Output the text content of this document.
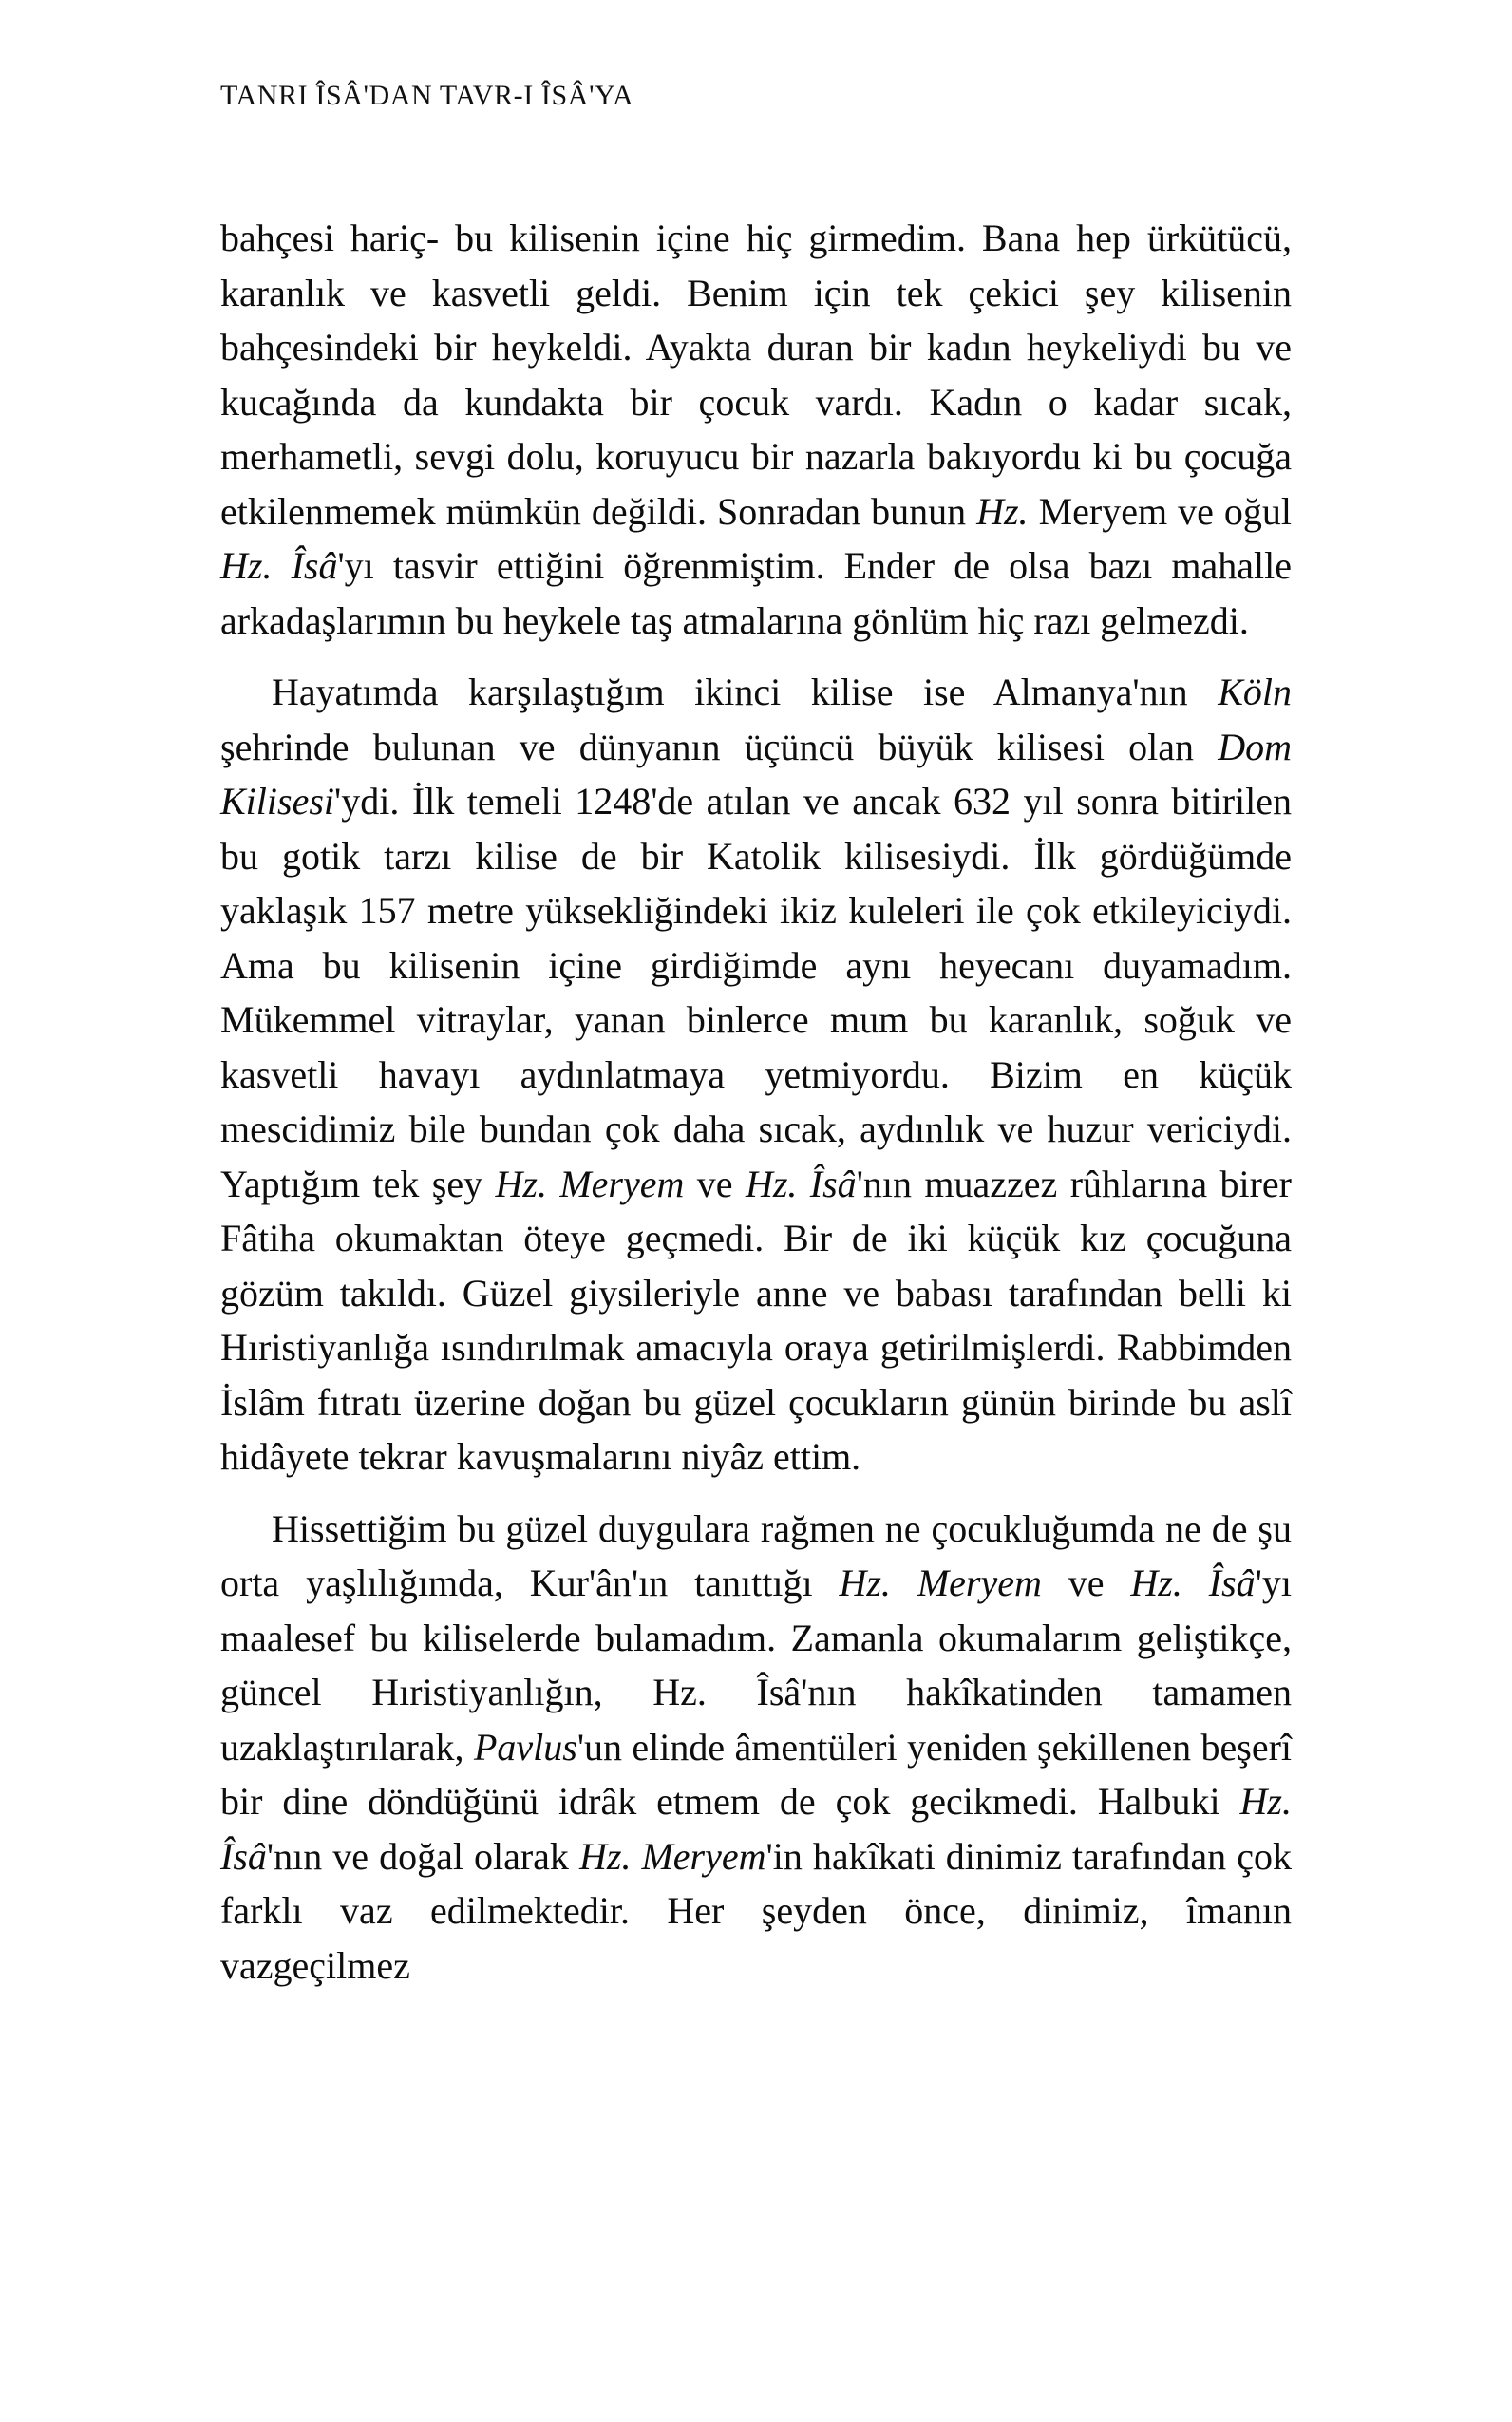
TANRI ÎSÂ'DAN TAVR-I ÎSÂ'YA

bahçesi hariç- bu kilisenin içine hiç girmedim. Bana hep ürkütücü, karanlık ve kasvetli geldi. Benim için tek çekici şey kilisenin bahçesindeki bir heykeldi. Ayakta duran bir kadın heykeliydi bu ve kucağında da kundakta bir çocuk vardı. Kadın o kadar sıcak, merhametli, sevgi dolu, koruyucu bir nazarla bakıyordu ki bu çocuğa etkilenmemek mümkün değildi. Sonradan bunun Hz. Meryem ve oğul Hz. Îsâ'yı tasvir ettiğini öğrenmiştim. Ender de olsa bazı mahalle arkadaşlarımın bu heykele taş atmalarına gönlüm hiç razı gelmezdi.

Hayatımda karşılaştığım ikinci kilise ise Almanya'nın Köln şehrinde bulunan ve dünyanın üçüncü büyük kilisesi olan Dom Kilisesi'ydi. İlk temeli 1248'de atılan ve ancak 632 yıl sonra bitirilen bu gotik tarzı kilise de bir Katolik kilisesiydi. İlk gördüğümde yaklaşık 157 metre yüksekliğindeki ikiz kuleleri ile çok etkileyiciydi. Ama bu kilisenin içine girdiğimde aynı heyecanı duyamadım. Mükemmel vitraylar, yanan binlerce mum bu karanlık, soğuk ve kasvetli havayı aydınlatmaya yetmiyordu. Bizim en küçük mescidimiz bile bundan çok daha sıcak, aydınlık ve huzur vericiydi. Yaptığım tek şey Hz. Meryem ve Hz. Îsâ'nın muazzez rûhlarına birer Fâtiha okumaktan öteye geçmedi. Bir de iki küçük kız çocuğuna gözüm takıldı. Güzel giysileriyle anne ve babası tarafından belli ki Hıristiyanlığa ısındırılmak amacıyla oraya getirilmişlerdi. Rabbimden İslâm fıtratı üzerine doğan bu güzel çocukların günün birinde bu aslî hidâyete tekrar kavuşmalarını niyâz ettim.

Hissettiğim bu güzel duygulara rağmen ne çocukluğumda ne de şu orta yaşlılığımda, Kur'ân'ın tanıttığı Hz. Meryem ve Hz. Îsâ'yı maalesef bu kiliselerde bulamadım. Zamanla okumalarım geliştikçe, güncel Hıristiyanlığın, Hz. Îsâ'nın hakîkatinden tamamen uzaklaştırılarak, Pavlus'un elinde âmentüleri yeniden şekillenen beşerî bir dine döndüğünü idrâk etmem de çok gecikmedi. Halbuki Hz. Îsâ'nın ve doğal olarak Hz. Meryem'in hakîkati dinimiz tarafından çok farklı vaz edilmektedir. Her şeyden önce, dinimiz, îmanın vazgeçilmez
